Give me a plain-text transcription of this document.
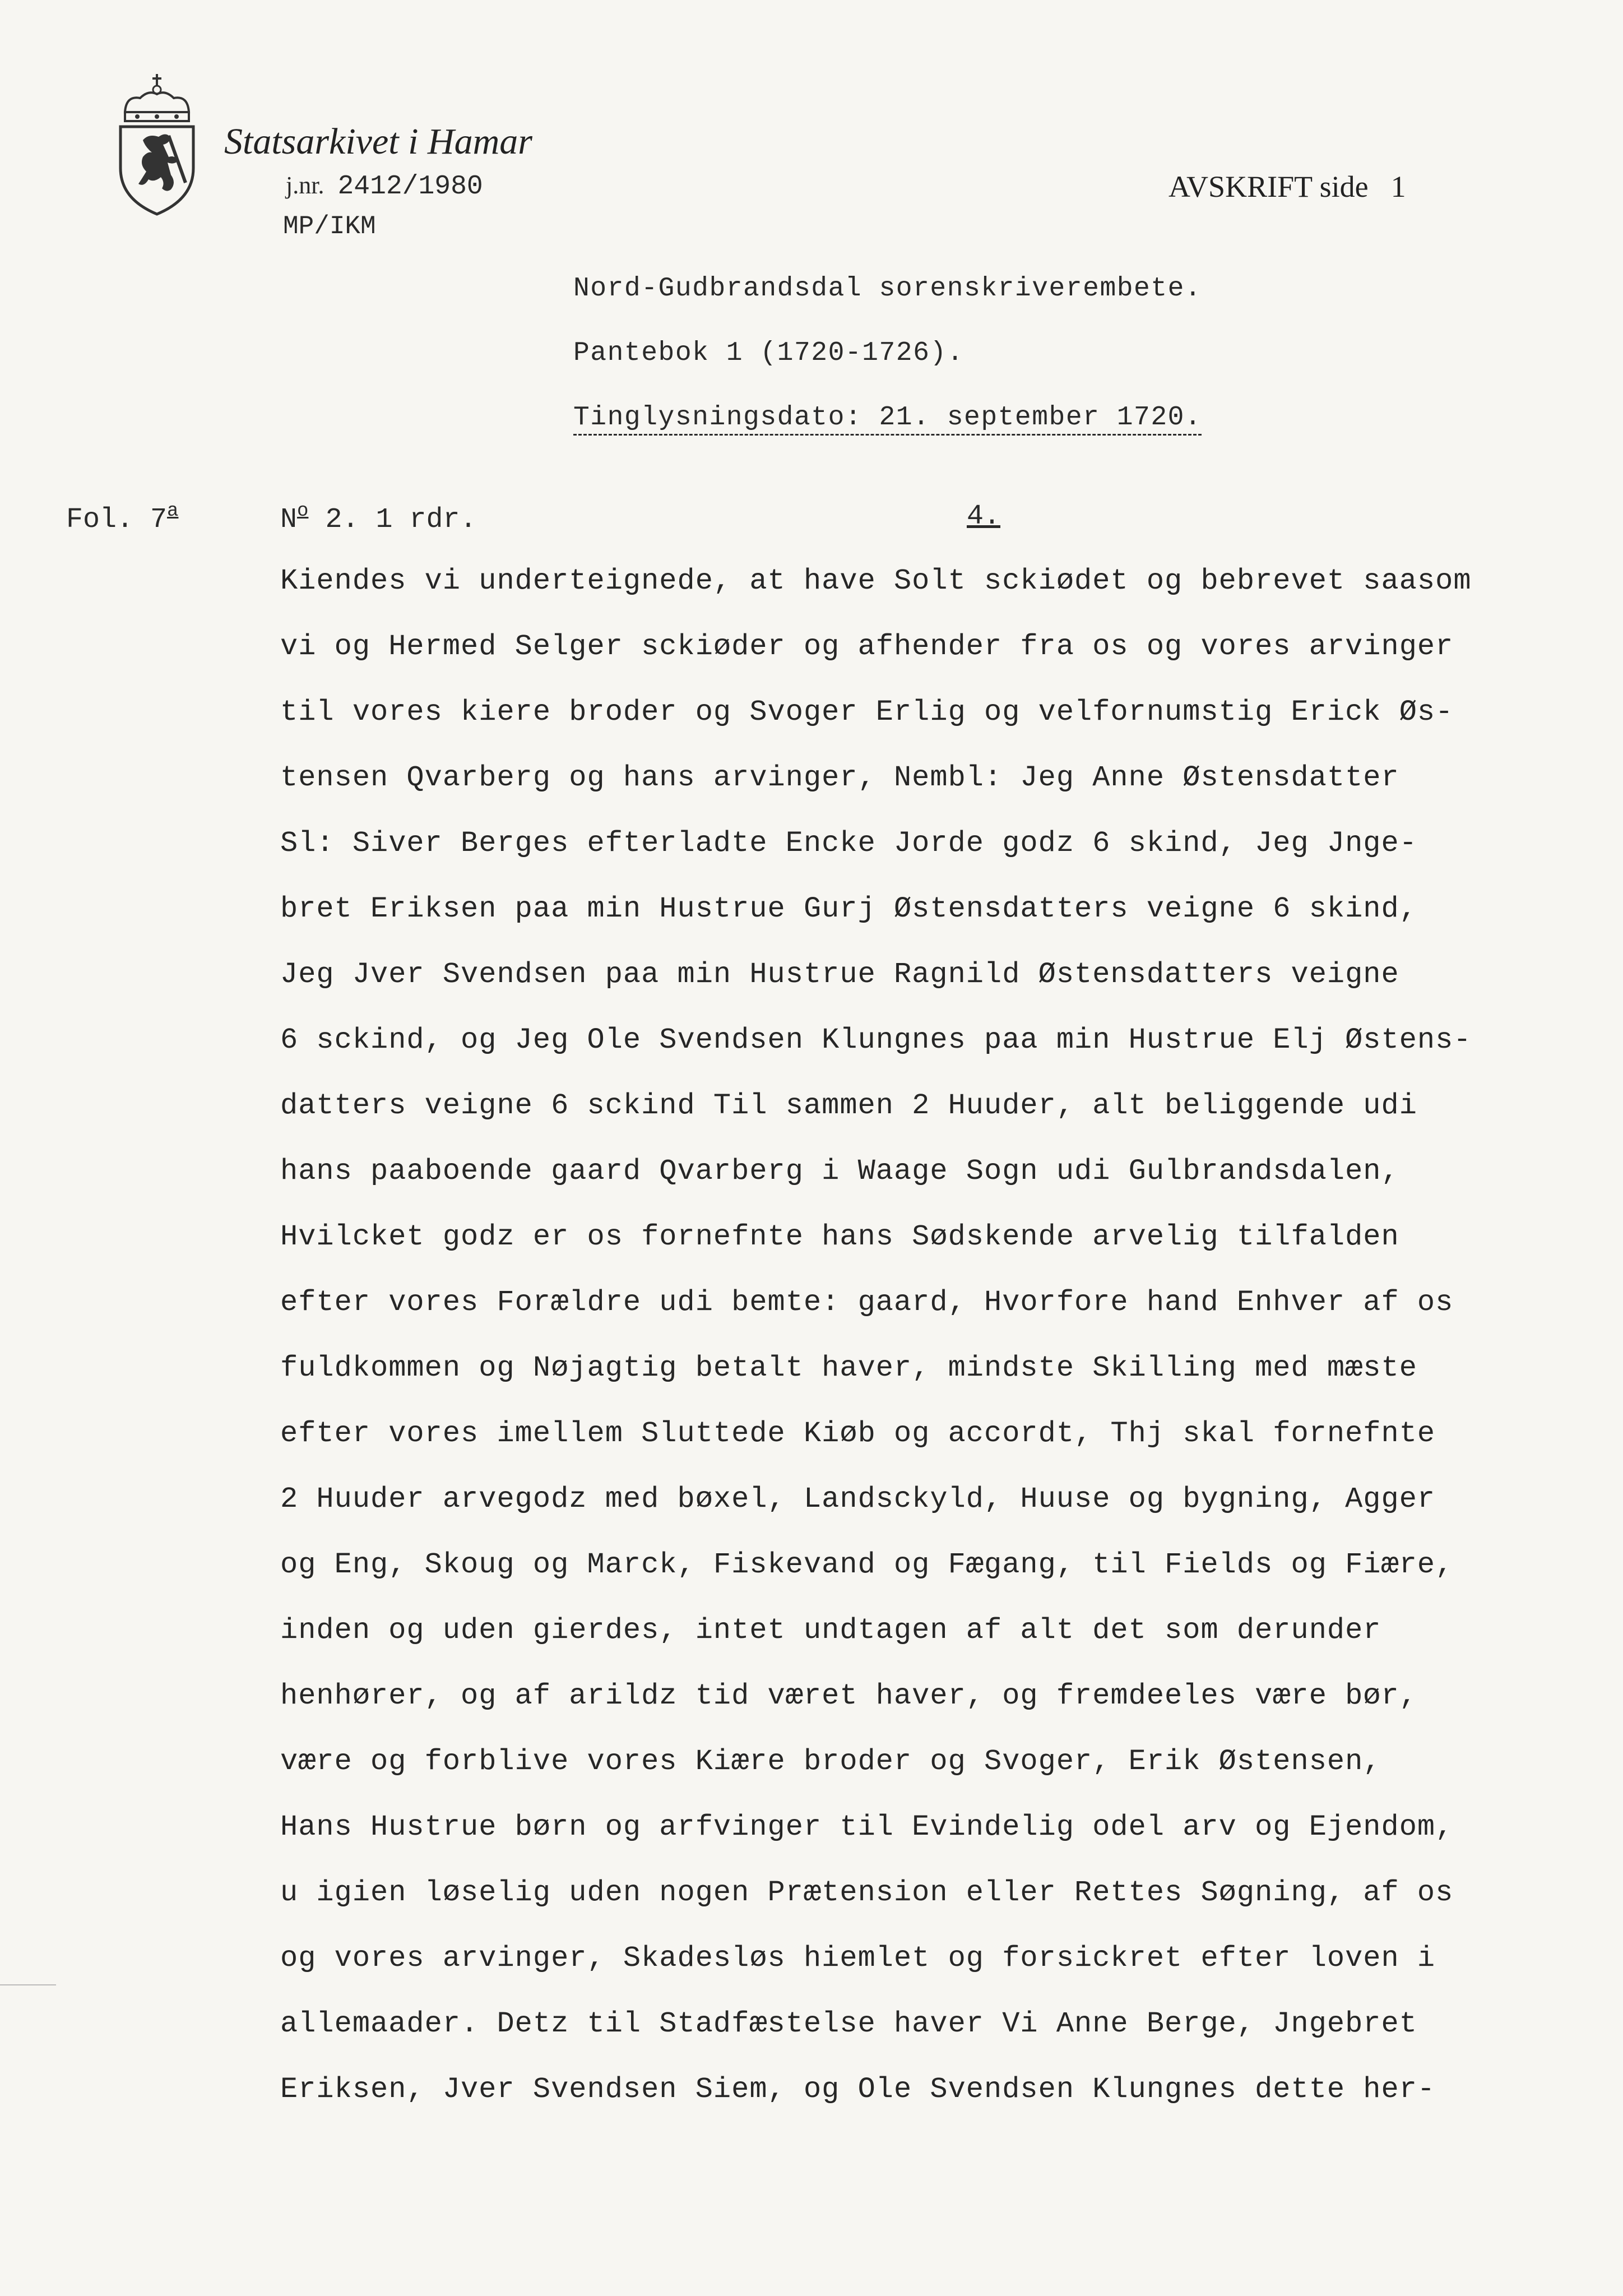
Statsarkivet i Hamar
j.nr. 2412/1980
MP/IKM
AVSKRIFT side 1
Nord-Gudbrandsdal sorenskriverembete.
Pantebok 1 (1720-1726).
Tinglysningsdato: 21. september 1720.
Fol. 7$^a$	$N^o$ 2. 1 rdr.	4.
Kiendes vi underteignede, at have Solt sckiødet og bebrevet saasom
vi og Hermed Selger sckiøder og afhender fra os og vores arvinger
til vores kiere broder og Svoger Erlig og velfornumstig Erick Øs-
tensen Qvarberg og hans arvinger, Nembl: Jeg Anne Østensdatter
Sl: Siver Berges efterladte Encke Jorde godz 6 skind, Jeg Jnge-
bret Eriksen paa min Hustrue Gurj Østensdatters veigne 6 skind,
Jeg Jver Svendsen paa min Hustrue Ragnild Østensdatters veigne
6 sckind, og Jeg Ole Svendsen Klungnes paa min Hustrue Elj Østens-
datters veigne 6 sckind Til sammen 2 Huuder, alt beliggende udi
hans paaboende gaard Qvarberg i Waage Sogn udi Gulbrandsdalen,
Hvilcket godz er os fornefnte hans Sødskende arvelig tilfalden
efter vores Forældre udi bemte: gaard, Hvorfore hand Enhver af os
fuldkommen og Nøjagtig betalt haver, mindste Skilling med mæste
efter vores imellem Sluttede Kiøb og accordt, Thj skal fornefnte
2 Huuder arvegodz med bøxel, Landsckyld, Huuse og bygning, Agger
og Eng, Skoug og Marck, Fiskevand og Fægang, til Fields og Fiære,
inden og uden gierdes, intet undtagen af alt det som derunder
henhører, og af arildz tid været haver, og fremdeeles være bør,
være og forblive vores Kiære broder og Svoger, Erik Østensen,
Hans Hustrue børn og arfvinger til Evindelig odel arv og Ejendom,
u igien løselig uden nogen Prætension eller Rettes Søgning, af os
og vores arvinger, Skadesløs hiemlet og forsickret efter loven i
allemaader. Detz til Stadfæstelse haver Vi Anne Berge, Jngebret
Eriksen, Jver Svendsen Siem, og Ole Svendsen Klungnes dette her-
